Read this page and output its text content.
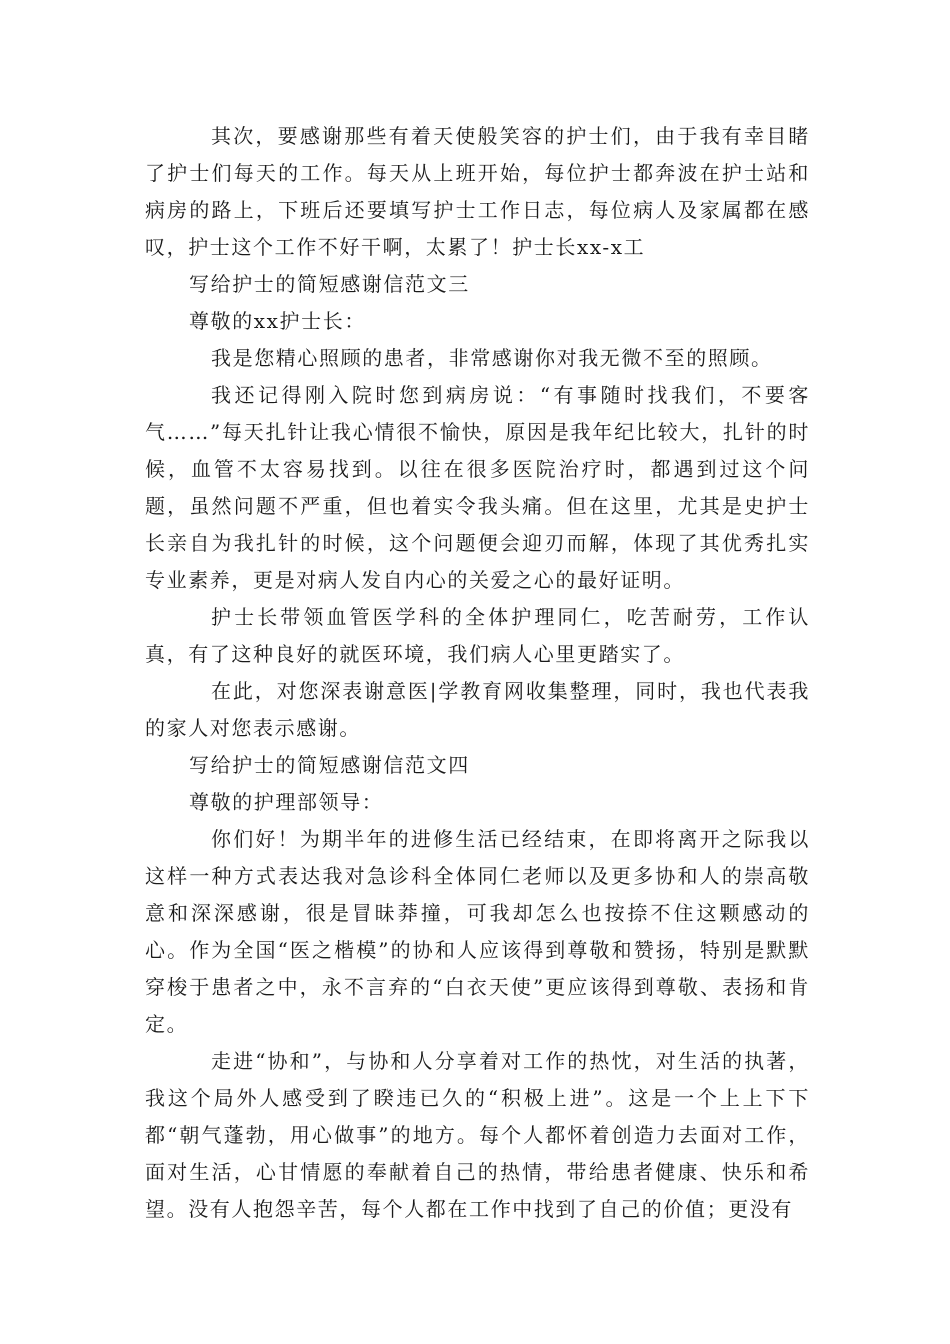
其次，要感谢那些有着天使般笑容的护士们，由于我有幸目睹了护士们每天的工作。每天从上班开始，每位护士都奔波在护士站和病房的路上，下班后还要填写护士工作日志，每位病人及家属都在感叹，护士这个工作不好干啊，太累了！护士长xx-x工

写给护士的简短感谢信范文三

尊敬的xx护士长：

我是您精心照顾的患者，非常感谢你对我无微不至的照顾。

我还记得刚入院时您到病房说：“有事随时找我们，不要客气……”每天扎针让我心情很不愉快，原因是我年纪比较大，扎针的时候，血管不太容易找到。以往在很多医院治疗时，都遇到过这个问题，虽然问题不严重，但也着实令我头痛。但在这里，尤其是史护士长亲自为我扎针的时候，这个问题便会迎刃而解，体现了其优秀扎实专业素养，更是对病人发自内心的关爱之心的最好证明。

护士长带领血管医学科的全体护理同仁，吃苦耐劳，工作认真，有了这种良好的就医环境，我们病人心里更踏实了。

在此，对您深表谢意医|学教育网收集整理，同时，我也代表我的家人对您表示感谢。

写给护士的简短感谢信范文四

尊敬的护理部领导：

你们好！为期半年的进修生活已经结束，在即将离开之际我以这样一种方式表达我对急诊科全体同仁老师以及更多协和人的崇高敬意和深深感谢，很是冒昧莽撞，可我却怎么也按捺不住这颗感动的心。作为全国“医之楷模”的协和人应该得到尊敬和赞扬，特别是默默穿梭于患者之中，永不言弃的“白衣天使”更应该得到尊敬、表扬和肯定。

走进“协和”，与协和人分享着对工作的热忱，对生活的执著，我这个局外人感受到了睽违已久的“积极上进”。这是一个上上下下都“朝气蓬勃，用心做事”的地方。每个人都怀着创造力去面对工作，面对生活，心甘情愿的奉献着自己的热情，带给患者健康、快乐和希望。没有人抱怨辛苦，每个人都在工作中找到了自己的价值；更没有
